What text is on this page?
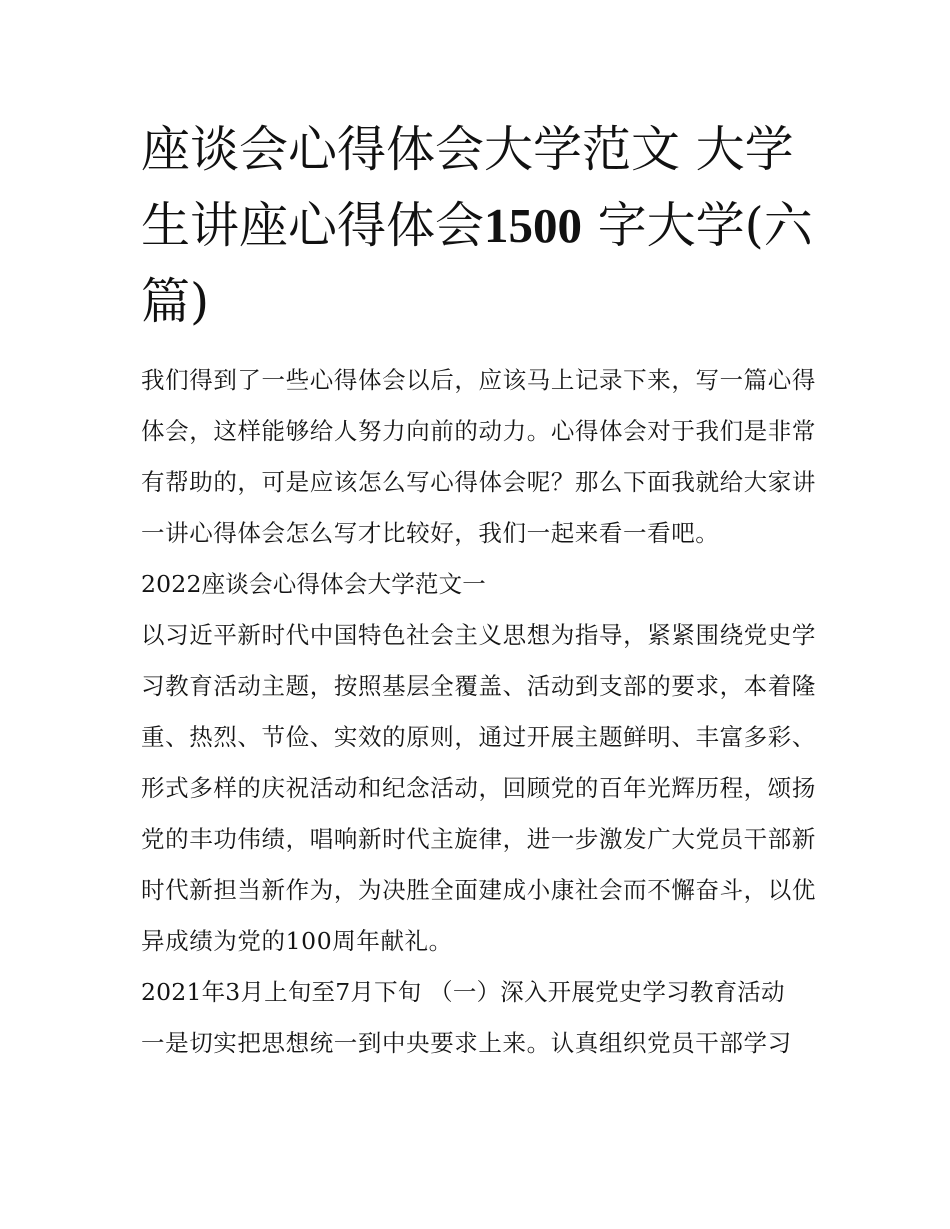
座谈会心得体会大学范文 大学生讲座心得体会1500 字大学(六篇)

我们得到了一些心得体会以后，应该马上记录下来，写一篇心得体会，这样能够给人努力向前的动力。心得体会对于我们是非常有帮助的，可是应该怎么写心得体会呢？那么下面我就给大家讲一讲心得体会怎么写才比较好，我们一起来看一看吧。

2022座谈会心得体会大学范文一

以习近平新时代中国特色社会主义思想为指导，紧紧围绕党史学习教育活动主题，按照基层全覆盖、活动到支部的要求，本着隆重、热烈、节俭、实效的原则，通过开展主题鲜明、丰富多彩、形式多样的庆祝活动和纪念活动，回顾党的百年光辉历程，颂扬党的丰功伟绩，唱响新时代主旋律，进一步激发广大党员干部新时代新担当新作为，为决胜全面建成小康社会而不懈奋斗，以优异成绩为党的100周年献礼。

2021年3月上旬至7月下旬 （一）深入开展党史学习教育活动

一是切实把思想统一到中央要求上来。认真组织党员干部学习
